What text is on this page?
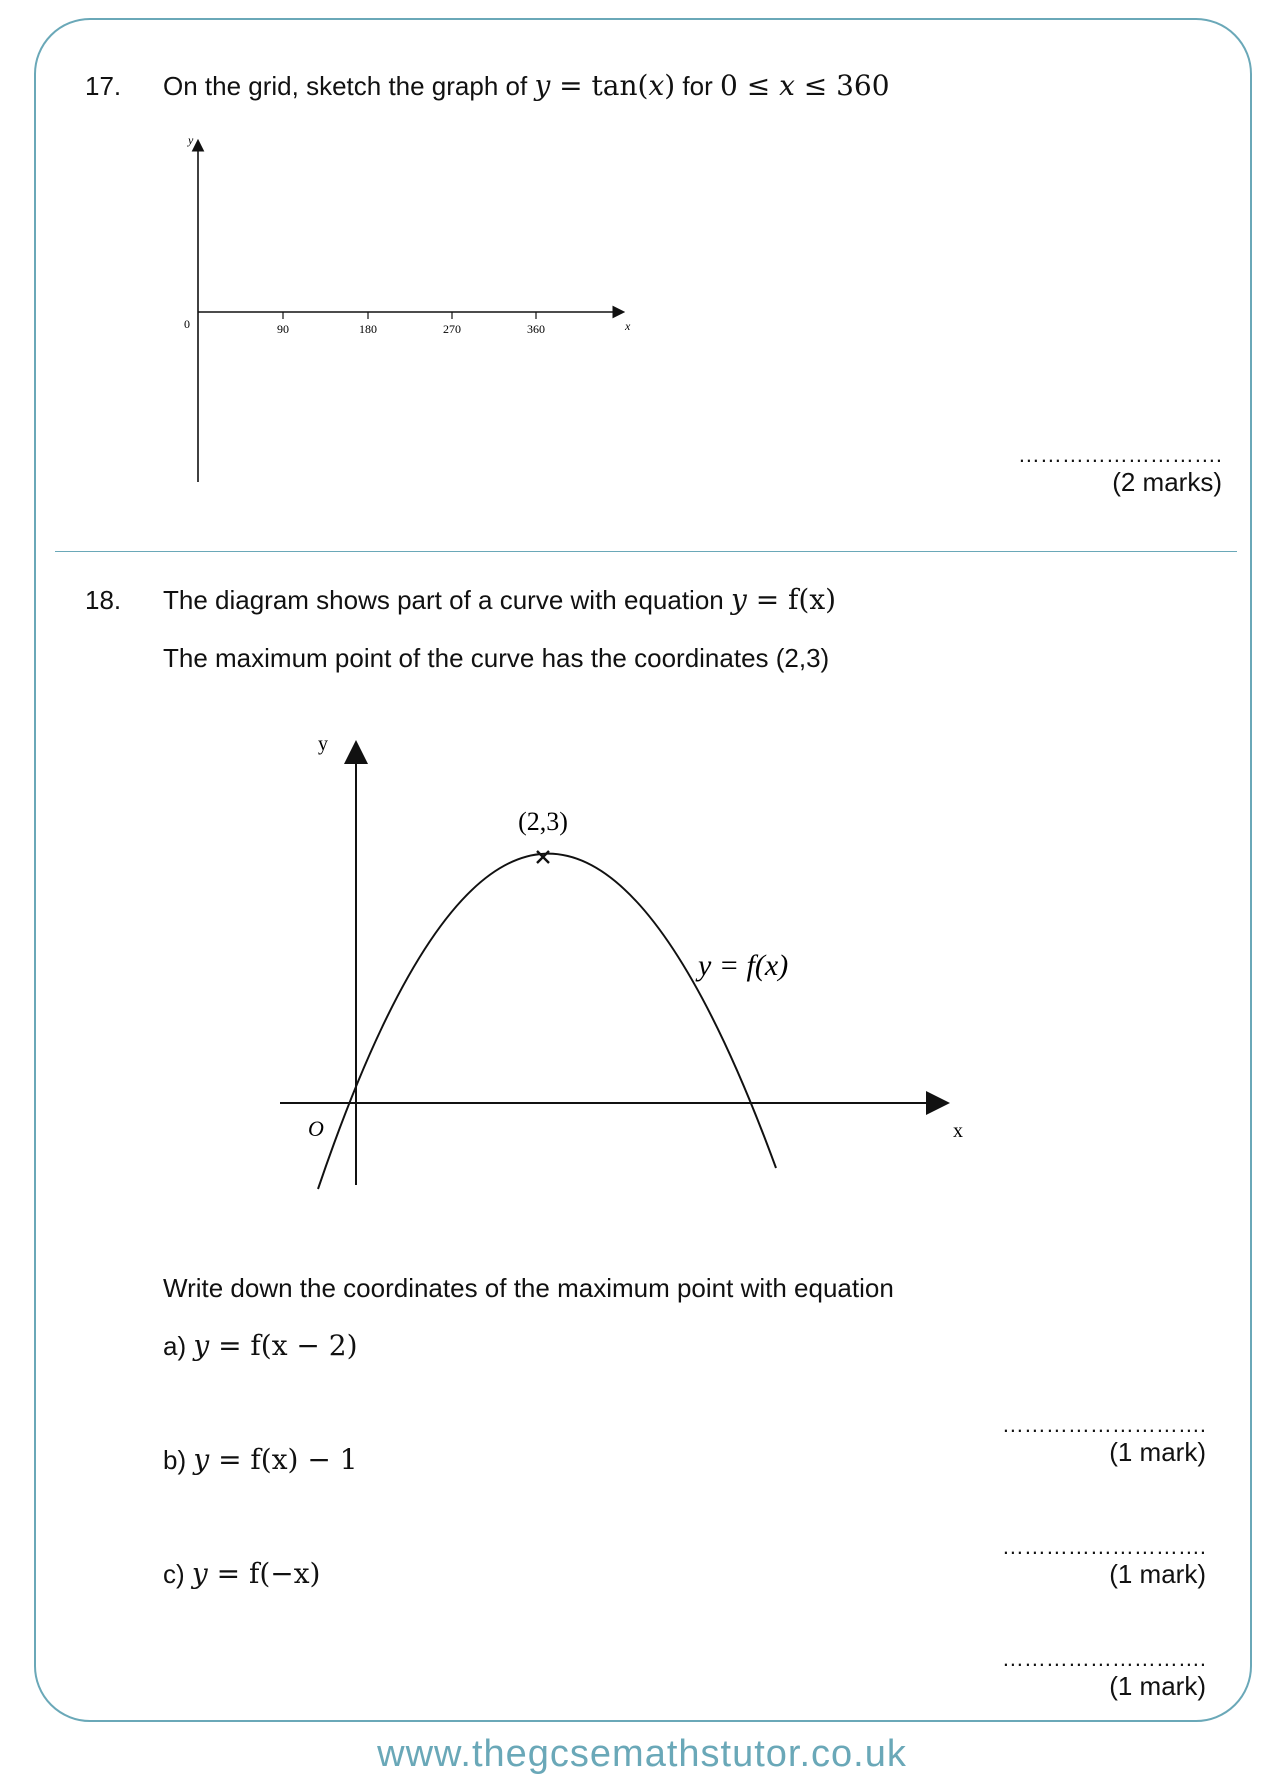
17. On the grid, sketch the graph of y = tan(x) for 0 ≤ x ≤ 360
y
x
0	90	180	270	360
……………………….
(2 marks)
18. The diagram shows part of a curve with equation y = f(x)
The maximum point of the curve has the coordinates (2,3)
(2,3)
y = f(x)
y
x
O
Write down the coordinates of the maximum point with equation
a) y = f(x − 2)
b) y = f(x) − 1
c) y = f(−x)
……………………….
(1 mark)
……………………….
(1 mark)
……………………….
(1 mark)
www.thegcsemathstutor.co.uk
